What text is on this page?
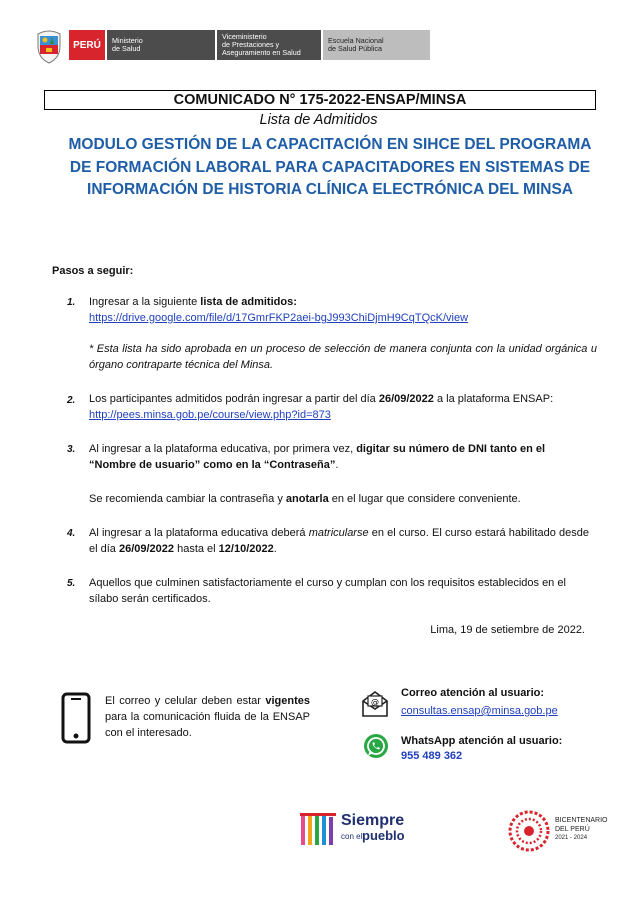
PERÚ Ministerio
de Salud
Viceministerio
de Prestaciones y
Aseguramiento en Salud
Escuela Nacional
de Salud Pública
COMUNICADO N° 175-2022-ENSAP/MINSA
Lista de Admitidos
MODULO GESTIÓN DE LA CAPACITACIÓN EN SIHCE DEL PROGRAMA DE FORMACIÓN LABORAL PARA CAPACITADORES EN SISTEMAS DE INFORMACIÓN DE HISTORIA CLÍNICA ELECTRÓNICA DEL MINSA
Pasos a seguir:
1. Ingresar a la siguiente lista de admitidos:
https://drive.google.com/file/d/17GmrFKP2aei-bgJ993ChiDjmH9CqTQcK/view
* Esta lista ha sido aprobada en un proceso de selección de manera conjunta con la unidad orgánica u órgano contraparte técnica del Minsa.
2. Los participantes admitidos podrán ingresar a partir del día 26/09/2022 a la plataforma ENSAP:
http://pees.minsa.gob.pe/course/view.php?id=873
3. Al ingresar a la plataforma educativa, por primera vez, digitar su número de DNI tanto en el “Nombre de usuario” como en la “Contraseña”.
Se recomienda cambiar la contraseña y anotarla en el lugar que considere conveniente.
4. Al ingresar a la plataforma educativa deberá matricularse en el curso. El curso estará habilitado desde el día 26/09/2022 hasta el 12/10/2022.
5. Aquellos que culminen satisfactoriamente el curso y cumplan con los requisitos establecidos en el sílabo serán certificados.
Lima, 19 de setiembre de 2022.
El correo y celular deben estar vigentes para la comunicación fluida de la ENSAP con el interesado.
@
Correo atención al usuario:
consultas.ensap@minsa.gob.pe
WhatsApp atención al usuario:
955 489 362
Siempre
con el pueblo
BICENTENARIO
DEL PERÚ
2021 - 2024
